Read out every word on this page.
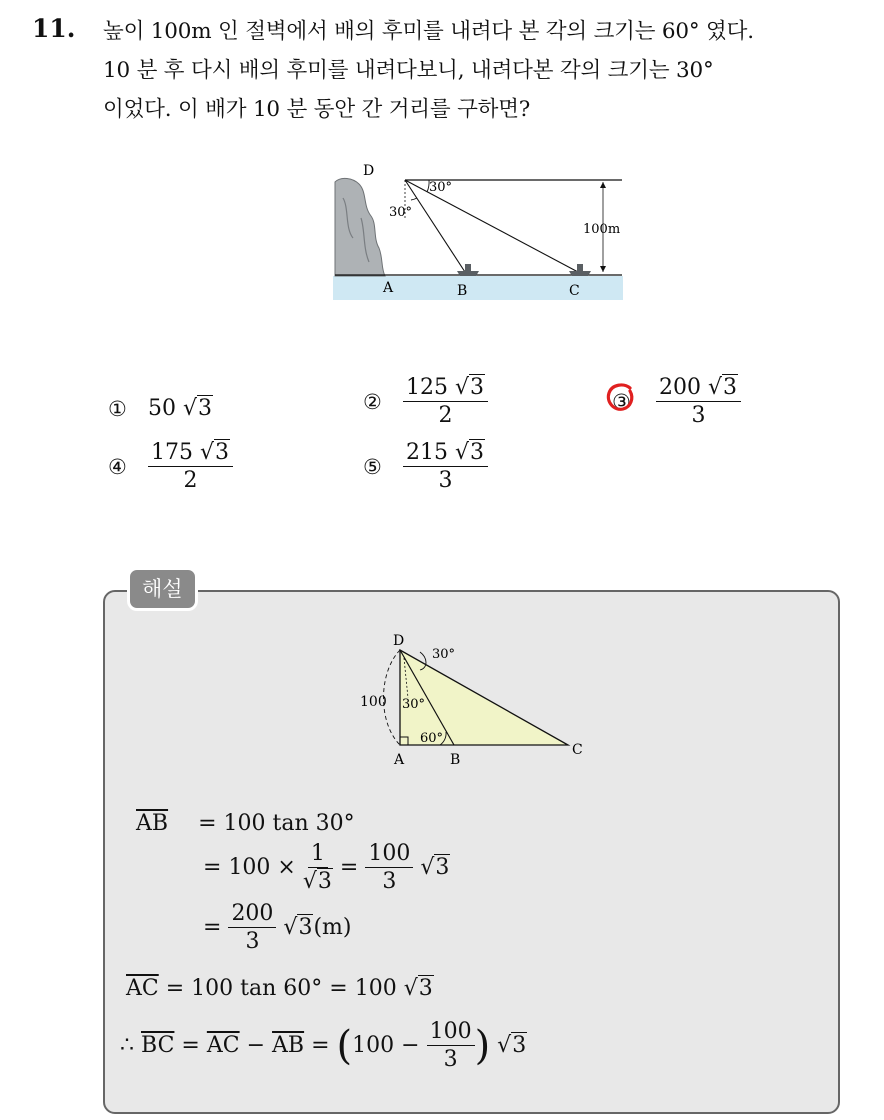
11. 높이 100m 인 절벽에서 배의 후미를 내려다 본 각의 크기는 60° 였다.
10 분 후 다시 배의 후미를 내려다보니, 내려다본 각의 크기는 30°
이었다. 이 배가 10 분 동안 간 거리를 구하면?
D
A	B	C
30°
30°
100m
① 50 √3	② $\frac{125 √3}{2}$	③	$\frac{200 √3}{3}$
④ $\frac{175 √3}{2}$	⑤ $\frac{215 √3}{3}$
해설
D
A	B
C
30°
30°
60°
100
$\overline{AB}$ =
100 tan 30°
=
100 ×
$\frac{1}{√3}$
=
$\frac{100}{3}$ √ 3
=
$\frac{200}{3}$ √ 3 (m)
$\overline{AC}$
=
100 tan 60°
=
100 √ 3
∴
$\overline{BC}$
=
$\overline{AC}$
−
$\overline{AB}$
=
( 100
−
$\frac{100}{3}$ ) √ 3
